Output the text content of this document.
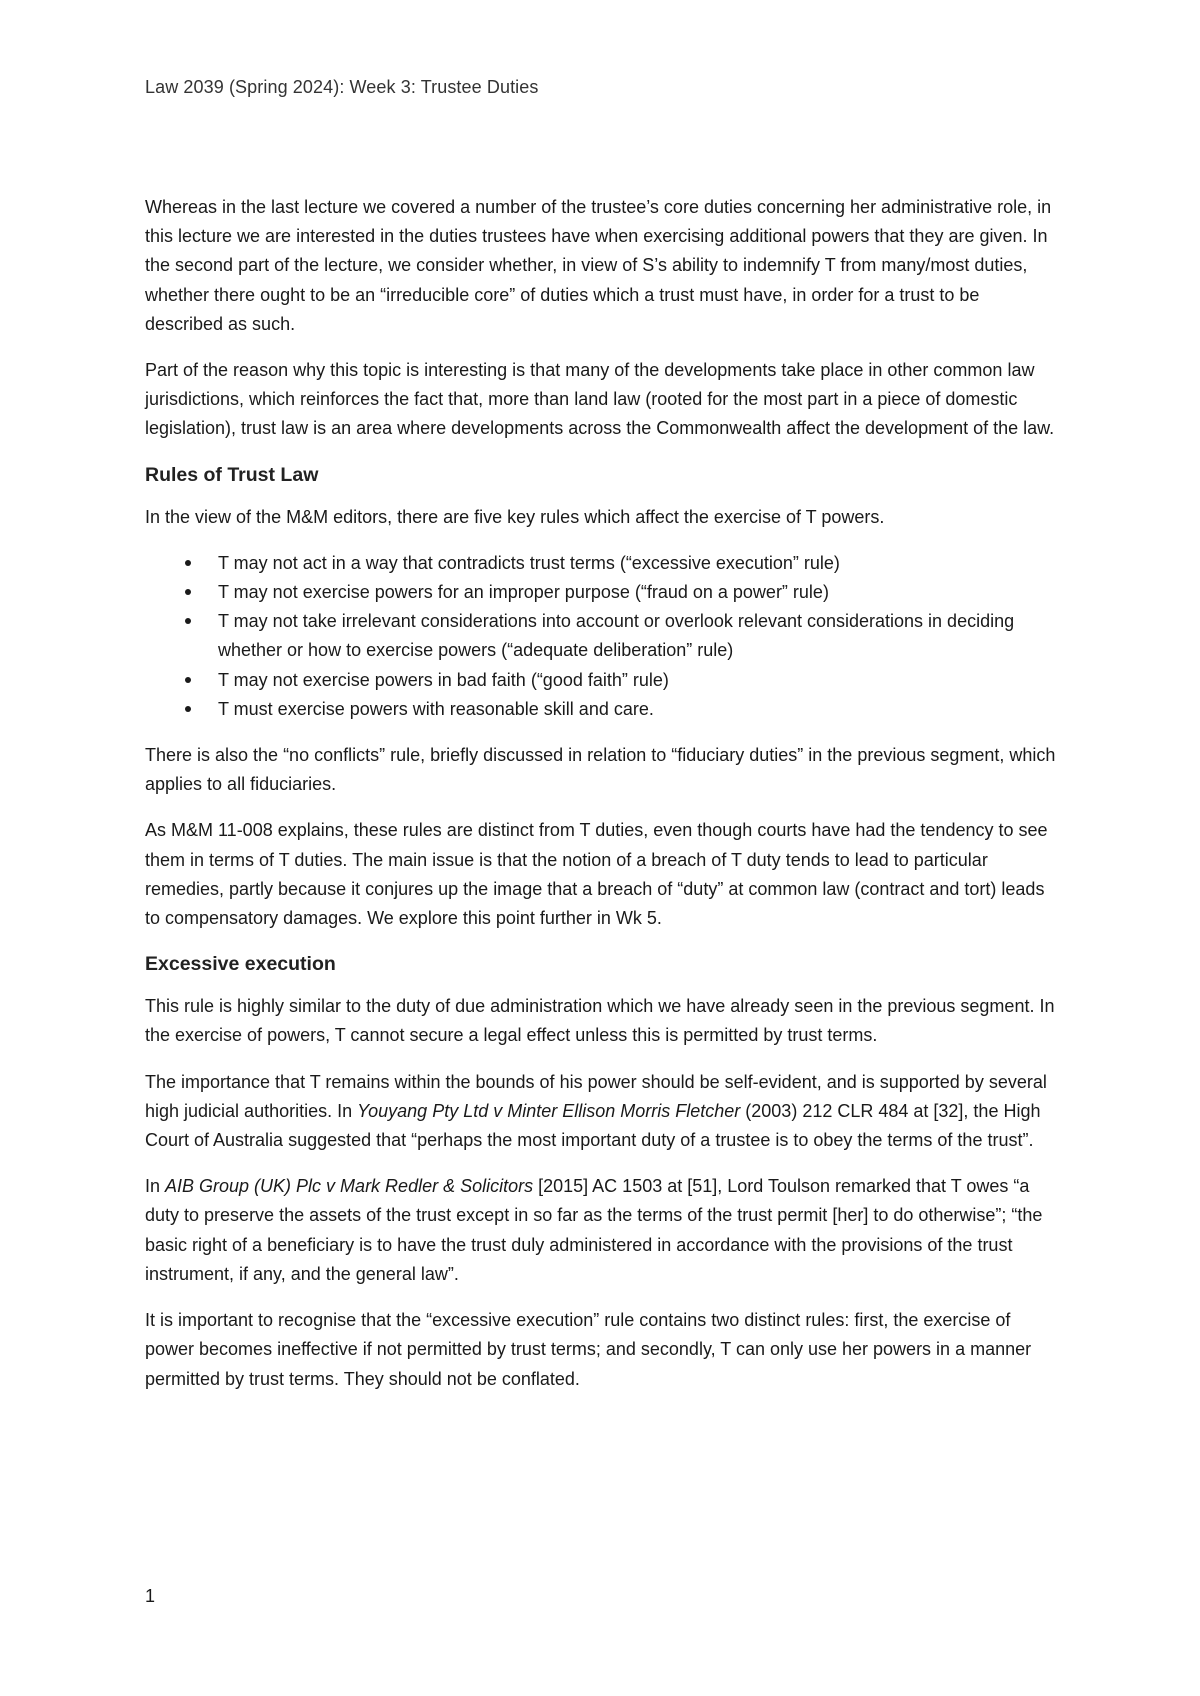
Law 2039 (Spring 2024): Week 3: Trustee Duties

Whereas in the last lecture we covered a number of the trustee’s core duties concerning her administrative role, in this lecture we are interested in the duties trustees have when exercising additional powers that they are given. In the second part of the lecture, we consider whether, in view of S’s ability to indemnify T from many/most duties, whether there ought to be an “irreducible core” of duties which a trust must have, in order for a trust to be described as such.

Part of the reason why this topic is interesting is that many of the developments take place in other common law jurisdictions, which reinforces the fact that, more than land law (rooted for the most part in a piece of domestic legislation), trust law is an area where developments across the Commonwealth affect the development of the law.

Rules of Trust Law

In the view of the M&M editors, there are five key rules which affect the exercise of T powers.

T may not act in a way that contradicts trust terms (“excessive execution” rule)
T may not exercise powers for an improper purpose (“fraud on a power” rule)
T may not take irrelevant considerations into account or overlook relevant considerations in deciding whether or how to exercise powers (“adequate deliberation” rule)
T may not exercise powers in bad faith (“good faith” rule)
T must exercise powers with reasonable skill and care.

There is also the “no conflicts” rule, briefly discussed in relation to “fiduciary duties” in the previous segment, which applies to all fiduciaries.

As M&M 11-008 explains, these rules are distinct from T duties, even though courts have had the tendency to see them in terms of T duties. The main issue is that the notion of a breach of T duty tends to lead to particular remedies, partly because it conjures up the image that a breach of “duty” at common law (contract and tort) leads to compensatory damages. We explore this point further in Wk 5.

Excessive execution

This rule is highly similar to the duty of due administration which we have already seen in the previous segment. In the exercise of powers, T cannot secure a legal effect unless this is permitted by trust terms.

The importance that T remains within the bounds of his power should be self-evident, and is supported by several high judicial authorities. In Youyang Pty Ltd v Minter Ellison Morris Fletcher (2003) 212 CLR 484 at [32], the High Court of Australia suggested that “perhaps the most important duty of a trustee is to obey the terms of the trust”.

In AIB Group (UK) Plc v Mark Redler & Solicitors [2015] AC 1503 at [51], Lord Toulson remarked that T owes “a duty to preserve the assets of the trust except in so far as the terms of the trust permit [her] to do otherwise”; “the basic right of a beneficiary is to have the trust duly administered in accordance with the provisions of the trust instrument, if any, and the general law”.

It is important to recognise that the “excessive execution” rule contains two distinct rules: first, the exercise of power becomes ineffective if not permitted by trust terms; and secondly, T can only use her powers in a manner permitted by trust terms. They should not be conflated.

1
